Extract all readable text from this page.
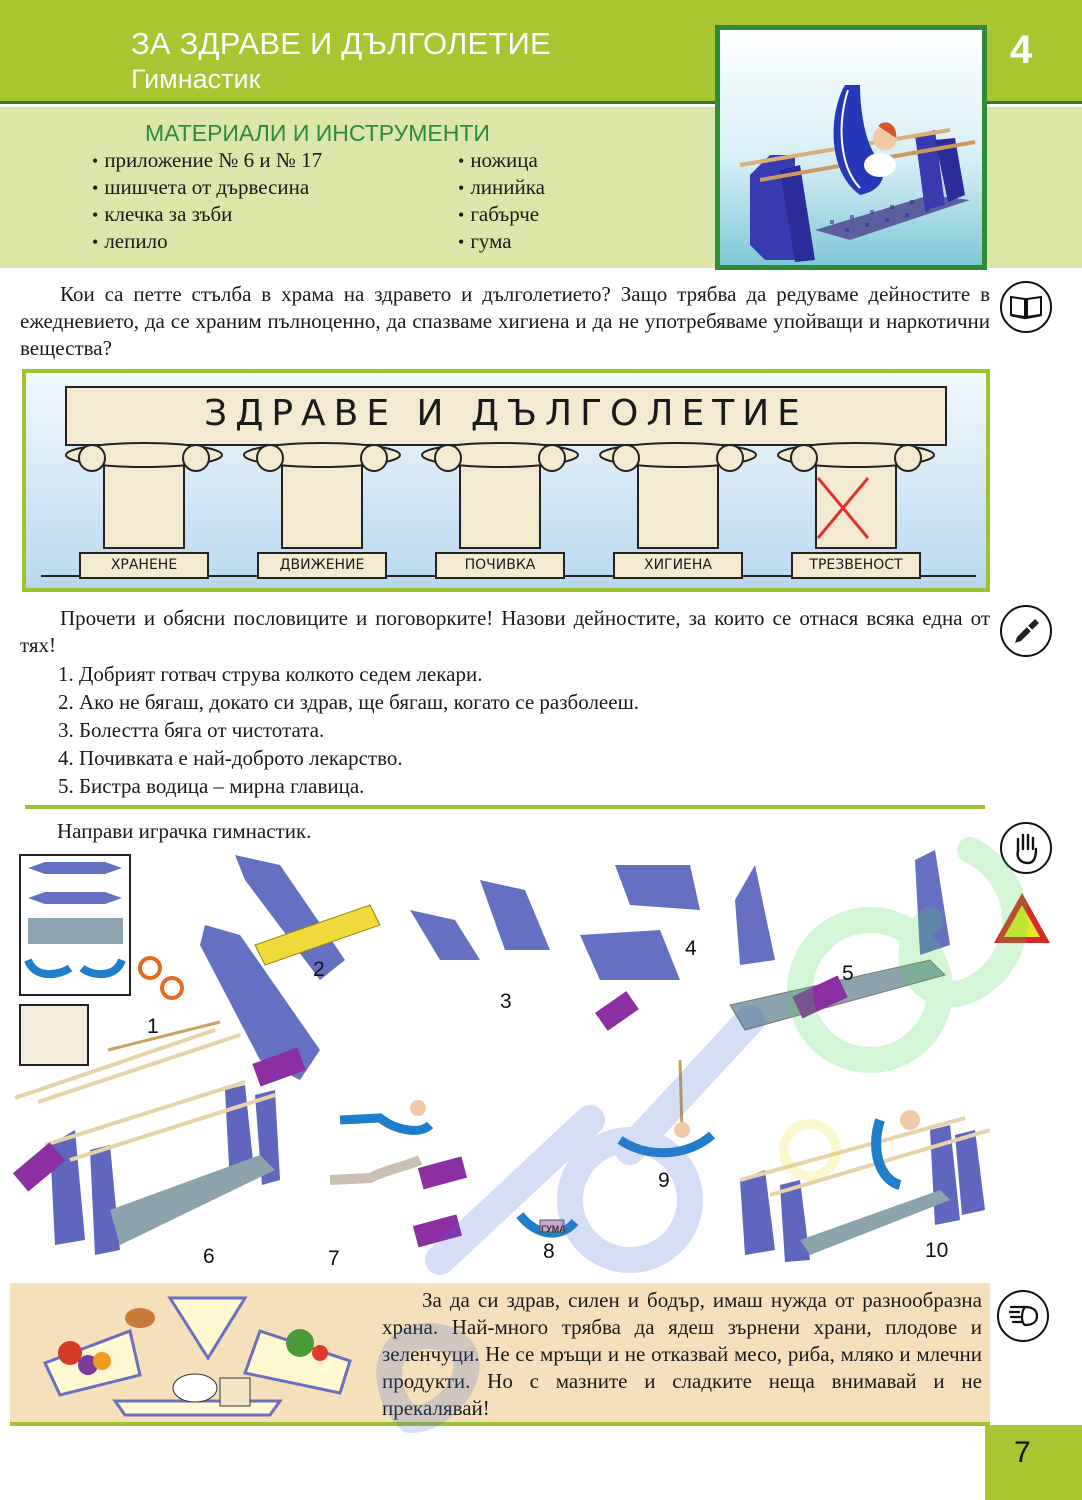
ЗА ЗДРАВЕ И ДЪЛГОЛЕТИЕ
Гимнастик
4
МАТЕРИАЛИ И ИНСТРУМЕНТИ
• приложение № 6 и № 17
• шишчета от дървесина
• клечка за зъби
• лепило
• ножица
• линийка
• габърче
• гума

Кои са петте стълба в храма на здравето и дълголетието? Защо трябва да редуваме дейностите в ежедневието, да се храним пълноценно, да спазваме хигиена и да не употребяваме упойващи и наркотични вещества?

ЗДРАВЕ И ДЪЛГОЛЕТИЕ
ХРАНЕНЕ	ДВИЖЕНИЕ	ПОЧИВКА	ХИГИЕНА	ТРЕЗВЕНОСТ

Прочети и обясни пословиците и поговорките! Назови дейностите, за които се отнася всяка една от тях!

1. Добрият готвач струва колкото седем лекари.
2. Ако не бягаш, докато си здрав, ще бягаш, когато се разболееш.
3. Болестта бяга от чистотата.
4. Почивката е най-доброто лекарство.
5. Бистра водица – мирна главица.

Направи играчка гимнастик.

1
2
3
4
5
6	7	8
9
10
ГУМА

За да си здрав, силен и бодър, имаш нужда от разнообразна храна. Най-много трябва да ядеш зърнени храни, плодове и зеленчуци. Не се мръщи и не отказвай месо, риба, мляко и млечни продукти. Но с мазните и сладките неща внимавай и не прекалявай!

7
